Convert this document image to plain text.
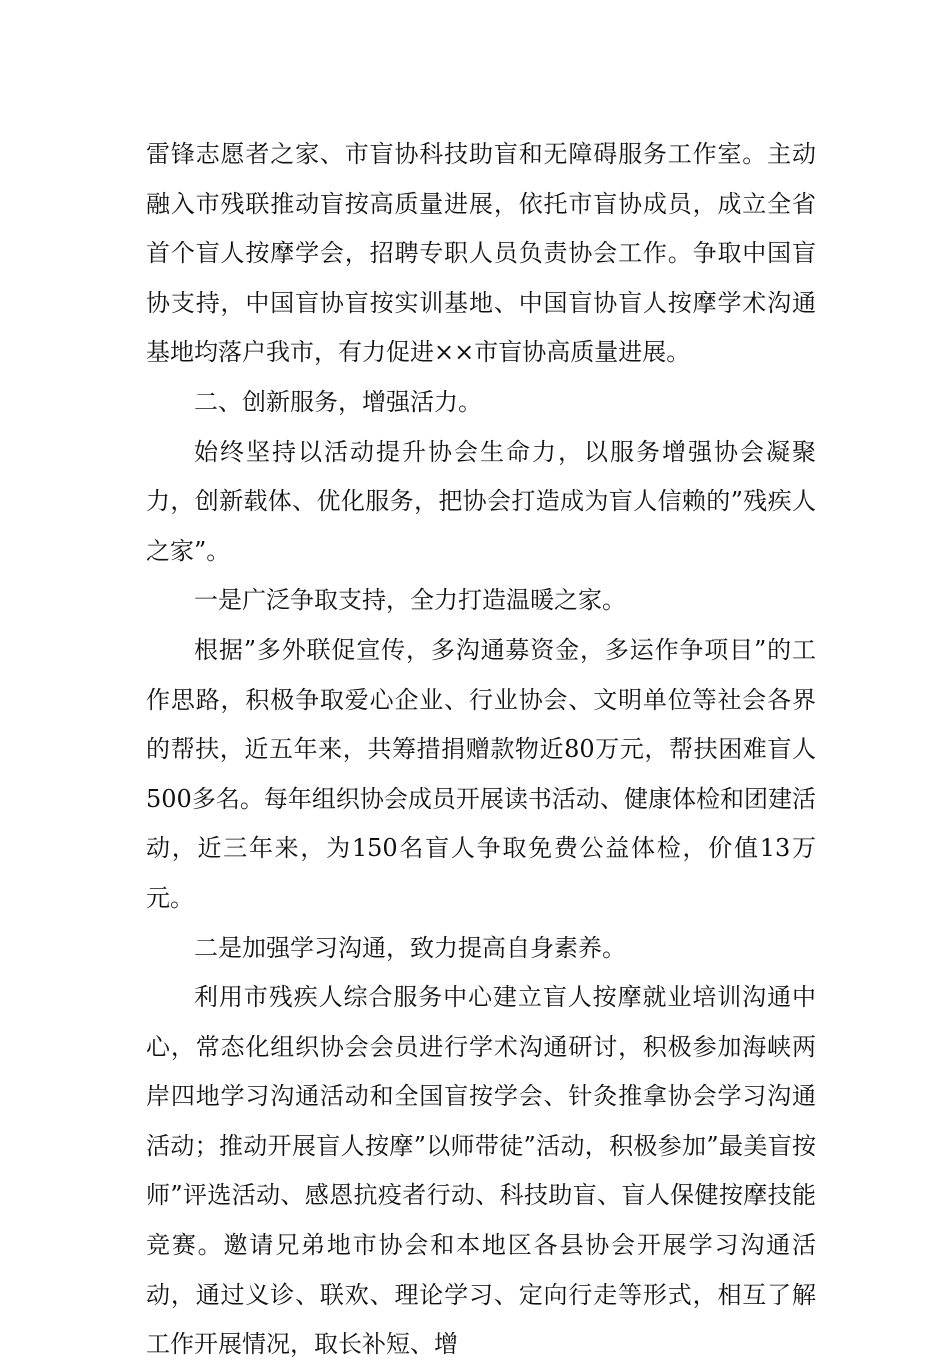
雷锋志愿者之家、市盲协科技助盲和无障碍服务工作室。主动融入市残联推动盲按高质量进展，依托市盲协成员，成立全省首个盲人按摩学会，招聘专职人员负责协会工作。争取中国盲协支持，中国盲协盲按实训基地、中国盲协盲人按摩学术沟通基地均落户我市，有力促进××市盲协高质量进展。

二、创新服务，增强活力。

始终坚持以活动提升协会生命力，以服务增强协会凝聚力，创新载体、优化服务，把协会打造成为盲人信赖的”残疾人之家”。

一是广泛争取支持，全力打造温暖之家。

根据”多外联促宣传，多沟通募资金，多运作争项目”的工作思路，积极争取爱心企业、行业协会、文明单位等社会各界的帮扶，近五年来，共筹措捐赠款物近80万元，帮扶困难盲人500多名。每年组织协会成员开展读书活动、健康体检和团建活动，近三年来，为150名盲人争取免费公益体检，价值13万元。

二是加强学习沟通，致力提高自身素养。

利用市残疾人综合服务中心建立盲人按摩就业培训沟通中心，常态化组织协会会员进行学术沟通研讨，积极参加海峡两岸四地学习沟通活动和全国盲按学会、针灸推拿协会学习沟通活动；推动开展盲人按摩”以师带徒”活动，积极参加”最美盲按师”评选活动、感恩抗疫者行动、科技助盲、盲人保健按摩技能竞赛。邀请兄弟地市协会和本地区各县协会开展学习沟通活动，通过义诊、联欢、理论学习、定向行走等形式，相互了解工作开展情况，取长补短、增
